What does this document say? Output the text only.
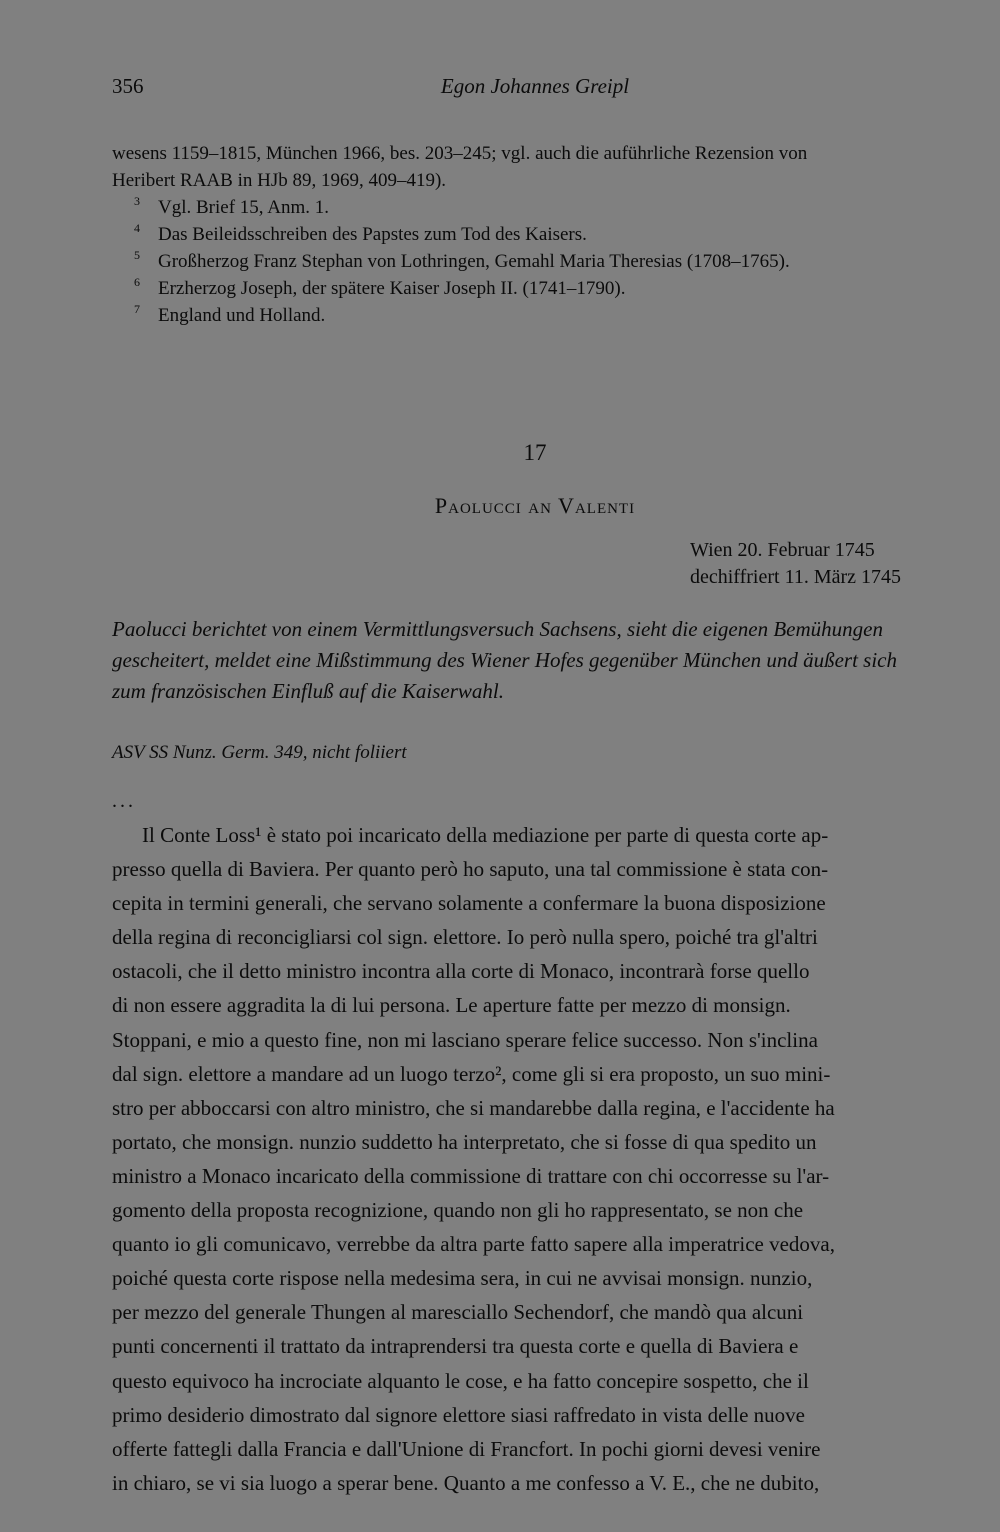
356	Egon Johannes Greipl
wesens 1159–1815, München 1966, bes. 203–245; vgl. auch die auführliche Rezension von
Heribert RAAB in HJb 89, 1969, 409–419).
3 Vgl. Brief 15, Anm. 1.
4 Das Beileidsschreiben des Papstes zum Tod des Kaisers.
5 Großherzog Franz Stephan von Lothringen, Gemahl Maria Theresias (1708–1765).
6 Erzherzog Joseph, der spätere Kaiser Joseph II. (1741–1790).
7 England und Holland.
17
Paolucci an Valenti
Wien 20. Februar 1745
dechiffriert 11. März 1745
Paolucci berichtet von einem Vermittlungsversuch Sachsens, sieht die eigenen Bemühungen
gescheitert, meldet eine Mißstimmung des Wiener Hofes gegenüber München und äußert sich
zum französischen Einfluß auf die Kaiserwahl.
ASV SS Nunz. Germ. 349, nicht foliiert
...
Il Conte Loss¹ è stato poi incaricato della mediazione per parte di questa corte ap-
presso quella di Baviera. Per quanto però ho saputo, una tal commissione è stata con-
cepita in termini generali, che servano solamente a confermare la buona disposizione
della regina di reconcigliarsi col sign. elettore. Io però nulla spero, poiché tra gl'altri
ostacoli, che il detto ministro incontra alla corte di Monaco, incontrarà forse quello
di non essere aggradita la di lui persona. Le aperture fatte per mezzo di monsign.
Stoppani, e mio a questo fine, non mi lasciano sperare felice successo. Non s'inclina
dal sign. elettore a mandare ad un luogo terzo², come gli si era proposto, un suo mini-
stro per abboccarsi con altro ministro, che si mandarebbe dalla regina, e l'accidente ha
portato, che monsign. nunzio suddetto ha interpretato, che si fosse di qua spedito un
ministro a Monaco incaricato della commissione di trattare con chi occorresse su l'ar-
gomento della proposta recognizione, quando non gli ho rappresentato, se non che
quanto io gli comunicavo, verrebbe da altra parte fatto sapere alla imperatrice vedova,
poiché questa corte rispose nella medesima sera, in cui ne avvisai monsign. nunzio,
per mezzo del generale Thungen al maresciallo Sechendorf, che mandò qua alcuni
punti concernenti il trattato da intraprendersi tra questa corte e quella di Baviera e
questo equivoco ha incrociate alquanto le cose, e ha fatto concepire sospetto, che il
primo desiderio dimostrato dal signore elettore siasi raffredato in vista delle nuove
offerte fattegli dalla Francia e dall'Unione di Francfort. In pochi giorni devesi venire
in chiaro, se vi sia luogo a sperar bene. Quanto a me confesso a V. E., che ne dubito,
